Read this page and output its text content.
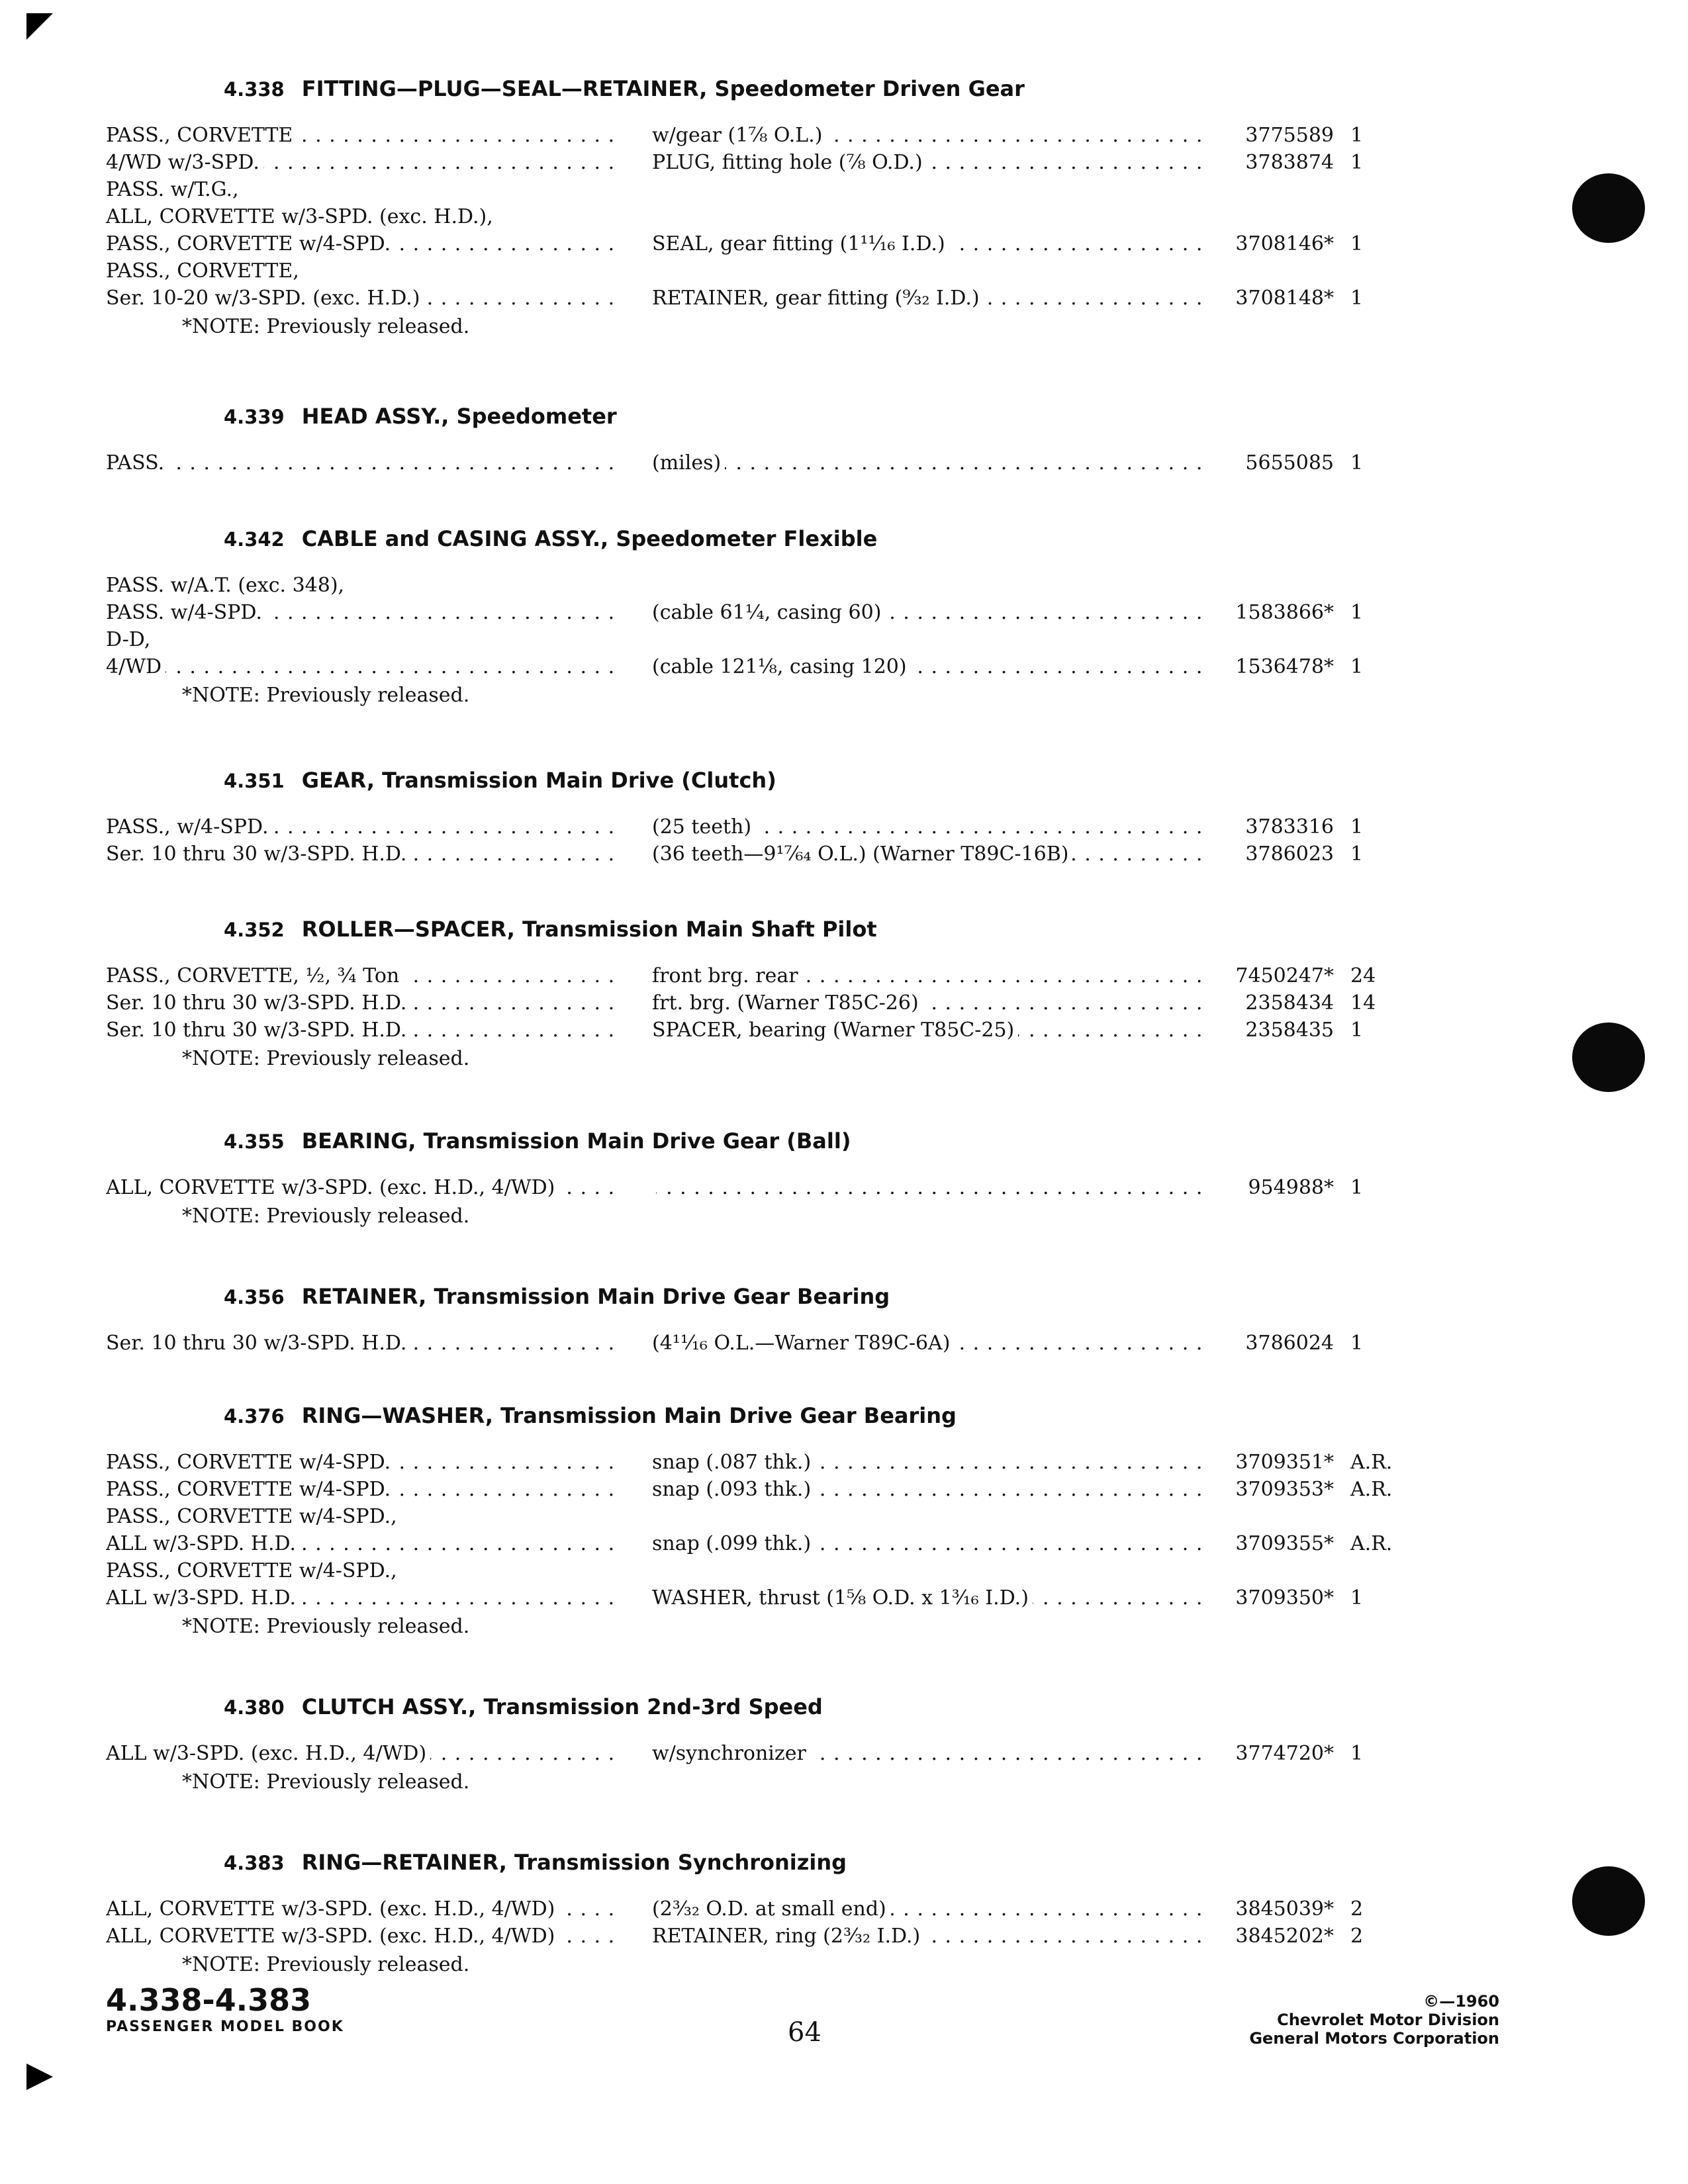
4.338 FITTING—PLUG—SEAL—RETAINER, Speedometer Driven Gear
PASS., CORVETTE . . .	w/gear (1⅞ O.L.) . . .	3775589 1
4/WD w/3-SPD. . . .	PLUG, fitting hole (⅞ O.D.) . . .	3783874 1
PASS. w/T.G.,
ALL, CORVETTE w/3-SPD. (exc. H.D.),
PASS., CORVETTE w/4-SPD. . . .	SEAL, gear fitting (1¹¹⁄₁₆ I.D.) . . .	3708146* 1
PASS., CORVETTE,
Ser. 10-20 w/3-SPD. (exc. H.D.) . . .	RETAINER, gear fitting (⁹⁄₃₂ I.D.) . . .	3708148* 1
*NOTE: Previously released.
4.339 HEAD ASSY., Speedometer
PASS. . . .	(miles) . . .	5655085 1
4.342 CABLE and CASING ASSY., Speedometer Flexible
PASS. w/A.T. (exc. 348),
PASS. w/4-SPD. . . .	(cable 61¼, casing 60) . . .	1583866* 1
D-D,
4/WD . . .	(cable 121⅛, casing 120) . . .	1536478* 1
*NOTE: Previously released.
4.351 GEAR, Transmission Main Drive (Clutch)
PASS., w/4-SPD. . . .	(25 teeth) . . .	3783316 1
Ser. 10 thru 30 w/3-SPD. H.D. . . .	(36 teeth—9¹⁷⁄₆₄ O.L.) (Warner T89C-16B) . . .	3786023 1
4.352 ROLLER—SPACER, Transmission Main Shaft Pilot
PASS., CORVETTE, ½, ¾ Ton . . .	front brg. rear . . .	7450247* 24
Ser. 10 thru 30 w/3-SPD. H.D. . . .	frt. brg. (Warner T85C-26) . . .	2358434 14
Ser. 10 thru 30 w/3-SPD. H.D. . . .	SPACER, bearing (Warner T85C-25) . . .	2358435 1
*NOTE: Previously released.
4.355 BEARING, Transmission Main Drive Gear (Ball)
ALL, CORVETTE w/3-SPD. (exc. H.D., 4/WD) . . .
. . .	954988* 1
*NOTE: Previously released.
4.356 RETAINER, Transmission Main Drive Gear Bearing
Ser. 10 thru 30 w/3-SPD. H.D. . . .	(4¹¹⁄₁₆ O.L.—Warner T89C-6A) . . .	3786024 1
4.376 RING—WASHER, Transmission Main Drive Gear Bearing
PASS., CORVETTE w/4-SPD. . . .	snap (.087 thk.) . . .	3709351* A.R.
PASS., CORVETTE w/4-SPD. . . .	snap (.093 thk.) . . .	3709353* A.R.
PASS., CORVETTE w/4-SPD.,
ALL w/3-SPD. H.D. . . .	snap (.099 thk.) . . .	3709355* A.R.
PASS., CORVETTE w/4-SPD.,
ALL w/3-SPD. H.D. . . .	WASHER, thrust (1⅝ O.D. x 1³⁄₁₆ I.D.) . . .	3709350* 1
*NOTE: Previously released.
4.380 CLUTCH ASSY., Transmission 2nd-3rd Speed
ALL w/3-SPD. (exc. H.D., 4/WD) . . .	w/synchronizer . . .	3774720* 1
*NOTE: Previously released.
4.383 RING—RETAINER, Transmission Synchronizing
ALL, CORVETTE w/3-SPD. (exc. H.D., 4/WD) . . .	(2³⁄₃₂ O.D. at small end) . . .	3845039* 2
ALL, CORVETTE w/3-SPD. (exc. H.D., 4/WD) . . .	RETAINER, ring (2³⁄₃₂ I.D.) . . .	3845202* 2
*NOTE: Previously released.
4.338-4.383
PASSENGER MODEL BOOK	64
©—1960
Chevrolet Motor Division
General Motors Corporation
